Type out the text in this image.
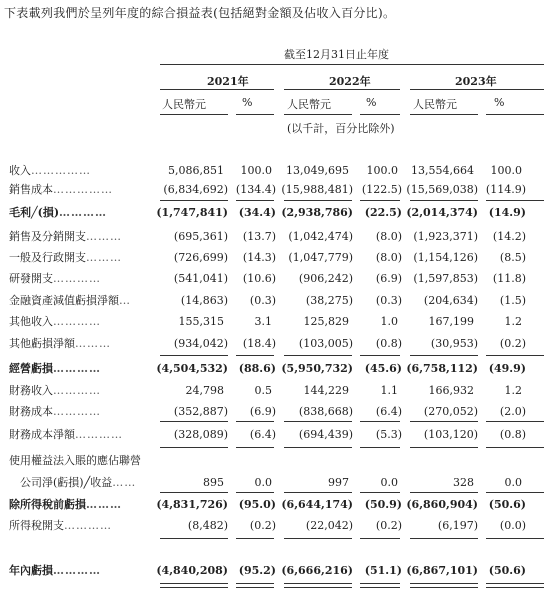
下表載列我們於呈列年度的綜合損益表(包括絕對金額及佔收入百分比)。
截至12月31日止年度
2021年	2022年	2023年
人民幣元	%	人民幣元	%	人民幣元	%
(以千計，百分比除外)
收入……………	5,086,851 100.0 13,049,695 100.0 13,554,664 100.0
銷售成本……………	(6,834,692) (134.4) (15,988,481) (122.5) (15,569,038) (114.9)
毛利╱(損)…………	(1,747,841) (34.4) (2,938,786) (22.5) (2,014,374) (14.9)
銷售及分銷開支………	(695,361) (13.7) (1,042,474) (8.0) (1,923,371) (14.2)
一般及行政開支………	(726,699) (14.3) (1,047,779) (8.0) (1,154,126) (8.5)
研發開支…………	(541,041) (10.6) (906,242) (6.9) (1,597,853) (11.8)
金融資產減值虧損淨額…	(14,863) (0.3)	(38,275) (0.3) (204,634) (1.5)
其他收入…………	155,315	3.1	125,829	1.0	167,199	1.2
其他虧損淨額………	(934,042) (18.4) (103,005) (0.8)	(30,953) (0.2)
經營虧損…………	(4,504,532) (88.6) (5,950,732) (45.6) (6,758,112) (49.9)
財務收入…………	24,798	0.5	144,229	1.1	166,932	1.2
財務成本…………	(352,887) (6.9) (838,668) (6.4) (270,052) (2.0)
財務成本淨額…………	(328,089) (6.4) (694,439) (5.3) (103,120) (0.8)
使用權益法入賬的應佔聯營
公司淨(虧損)╱收益……	895	0.0	997	0.0	328	0.0
除所得稅前虧損………	(4,831,726) (95.0) (6,644,174) (50.9) (6,860,904) (50.6)
所得稅開支…………	(8,482) (0.2)	(22,042) (0.2)	(6,197) (0.0)
年內虧損…………	(4,840,208) (95.2) (6,666,216) (51.1) (6,867,101) (50.6)
